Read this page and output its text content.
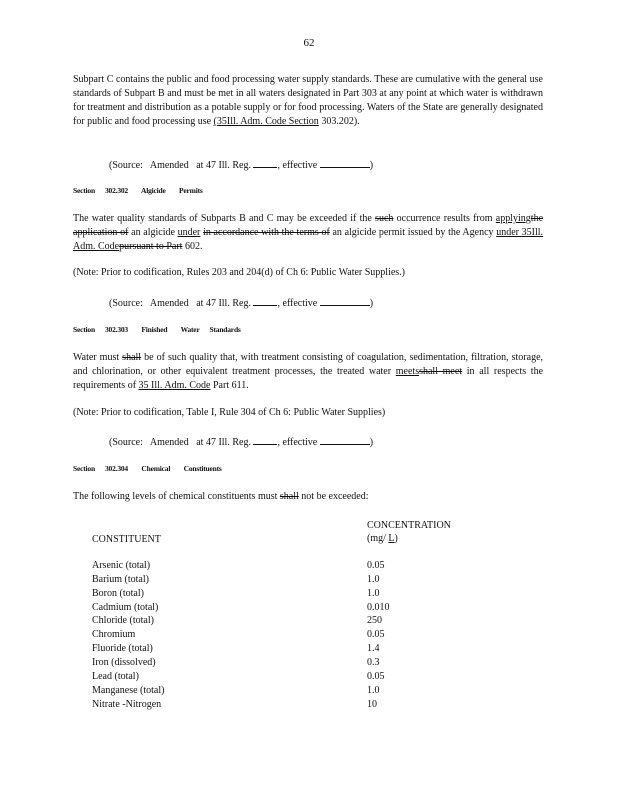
62
Subpart C contains the public and food processing water supply standards. These are cumulative with the general use standards of Subpart B and must be met in all waters designated in Part 303 at any point at which water is withdrawn for treatment and distribution as a potable supply or for food processing. Waters of the State are generally designated for public and food processing use (35Ill. Adm. Code Section 303.202).
(Source: Amended at 47 Ill. Reg.	, effective	)
Section 302.302 Algicide Permits
The water quality standards of Subparts B and C may be exceeded if the such occurrence results from applyingthe application of an algicide under in accordance with the terms of an algicide permit issued by the Agency under 35Ill. Adm. Codepursuant to Part 602.
(Note: Prior to codification, Rules 203 and 204(d) of Ch 6: Public Water Supplies.)
(Source: Amended at 47 Ill. Reg.	, effective	)
Section 302.303 Finished Water Standards
Water must shall be of such quality that, with treatment consisting of coagulation, sedimentation, filtration, storage, and chlorination, or other equivalent treatment processes, the treated water meetsshall meet in all respects the requirements of 35 Ill. Adm. Code Part 611.
(Note: Prior to codification, Table I, Rule 304 of Ch 6: Public Water Supplies)
(Source: Amended at 47 Ill. Reg.	, effective	)
Section 302.304 Chemical Constituents
The following levels of chemical constituents must shall not be exceeded:
CONSTITUENT
CONCENTRATION
(mg/ L)
Arsenic (total)	0.05
Barium (total)	1.0
Boron (total)	1.0
Cadmium (total)	0.010
Chloride (total)	250
Chromium	0.05
Fluoride (total)	1.4
Iron (dissolved)	0.3
Lead (total)	0.05
Manganese (total)	1.0
Nitrate -Nitrogen	10
